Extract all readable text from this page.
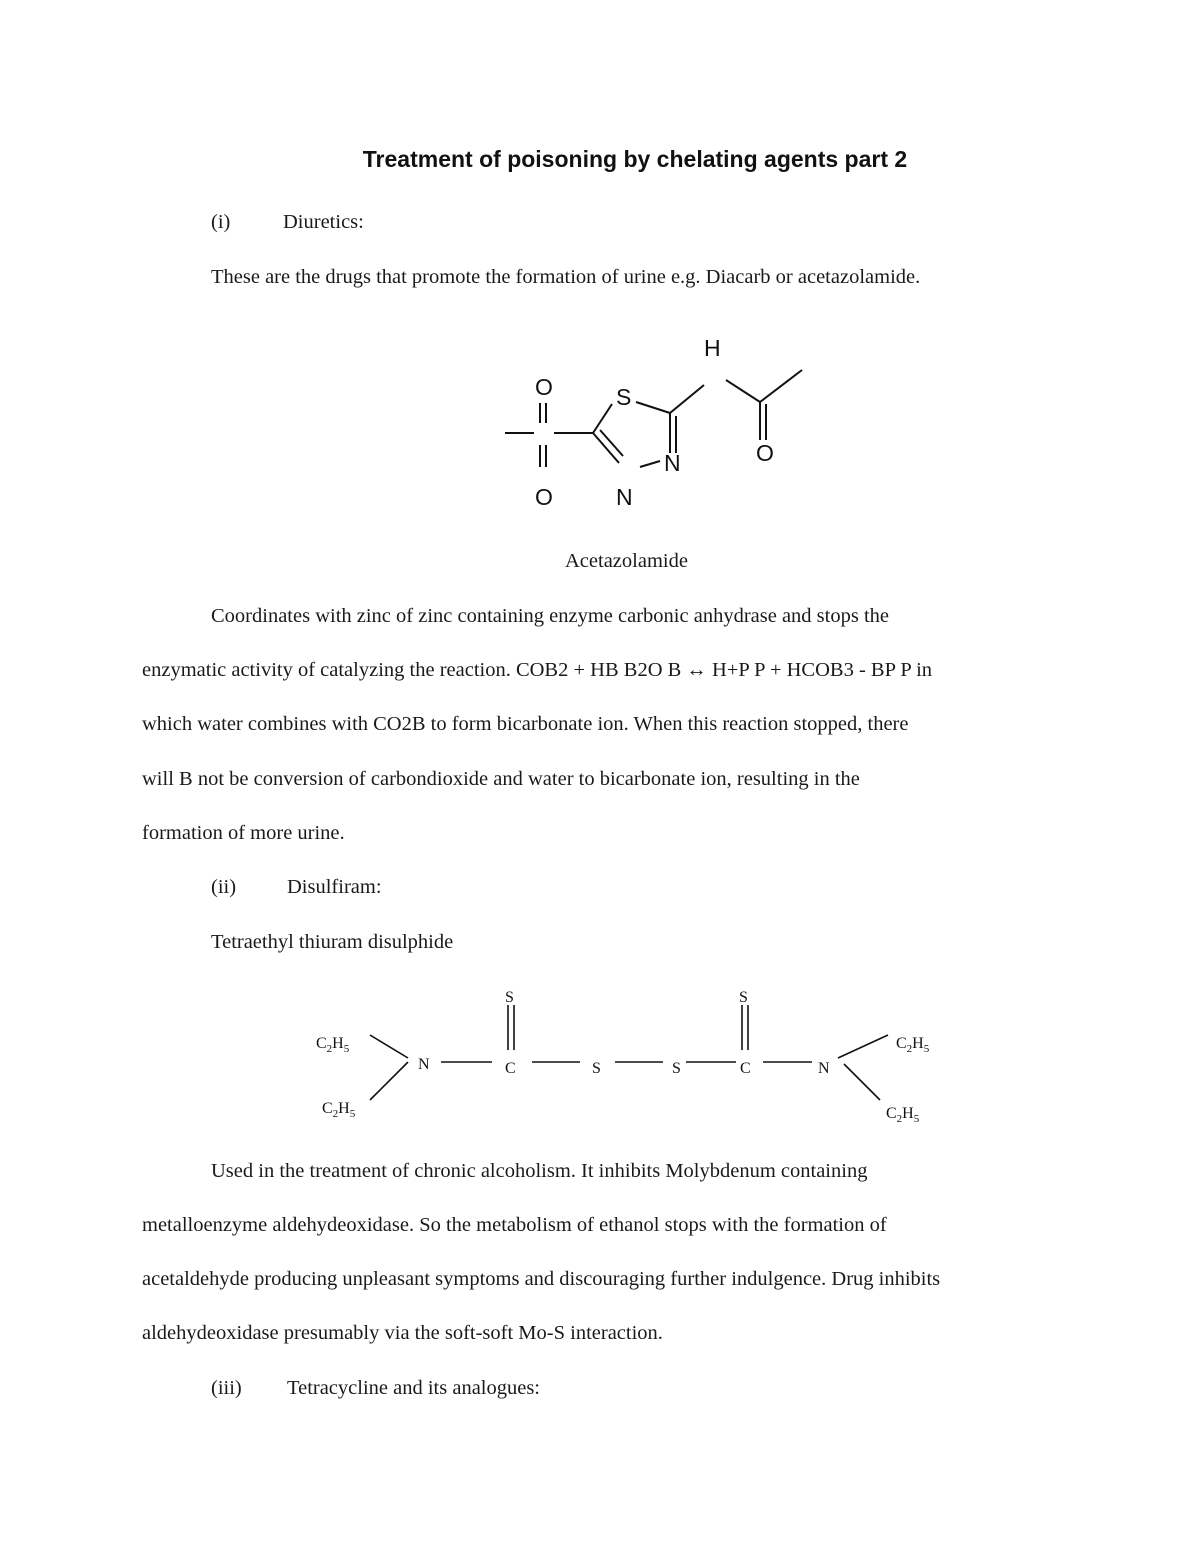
Treatment of poisoning by chelating agents part 2
(i)	Diuretics:
These are the drugs that promote the formation of urine e.g. Diacarb or acetazolamide.
H
O	S
N	O
O	N
Acetazolamide
Coordinates with zinc of zinc containing enzyme carbonic anhydrase and stops the
enzymatic activity of catalyzing the reaction. COB2 + HB B2O B ↔ H+P P + HCOB3 - BP P in
which water combines with CO2B to form bicarbonate ion. When this reaction stopped, there
will B not be conversion of carbondioxide and water to bicarbonate ion, resulting in the
formation of more urine.
(ii) Disulfiram:
Tetraethyl thiuram disulphide
$C_2H_5$
$C_2H_5$
N	C
S
S	S	C
S
N
$C_2H_5$
$C_2H_5$
Used in the treatment of chronic alcoholism. It inhibits Molybdenum containing
metalloenzyme aldehydeoxidase. So the metabolism of ethanol stops with the formation of
acetaldehyde producing unpleasant symptoms and discouraging further indulgence. Drug inhibits
aldehydeoxidase presumably via the soft-soft Mo-S interaction.
(iii) Tetracycline and its analogues:
